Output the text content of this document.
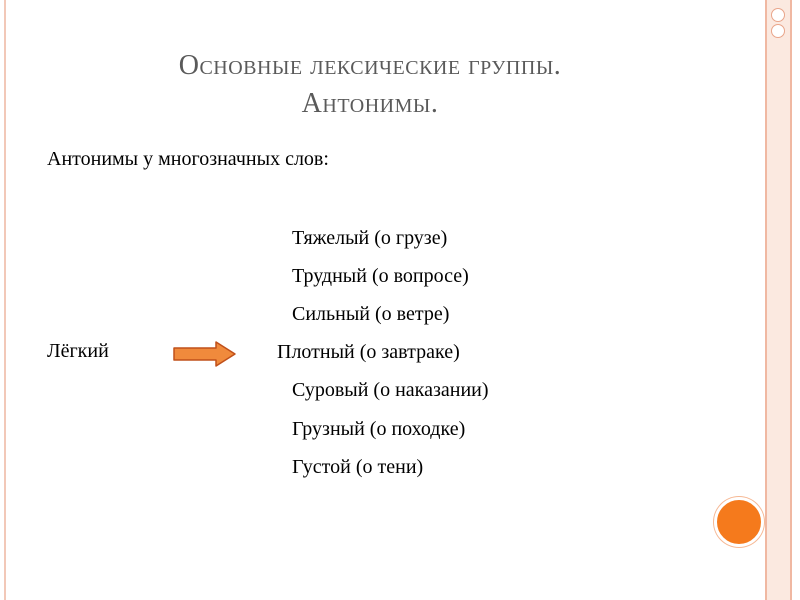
Основные лексические группы.
Антонимы.
Антонимы у многозначных слов:
Лёгкий
Тяжелый (о грузе)
Трудный (о вопросе)
Сильный (о ветре)
Плотный (о завтраке)
Суровый (о наказании)
Грузный (о походке)
Густой (о тени)
